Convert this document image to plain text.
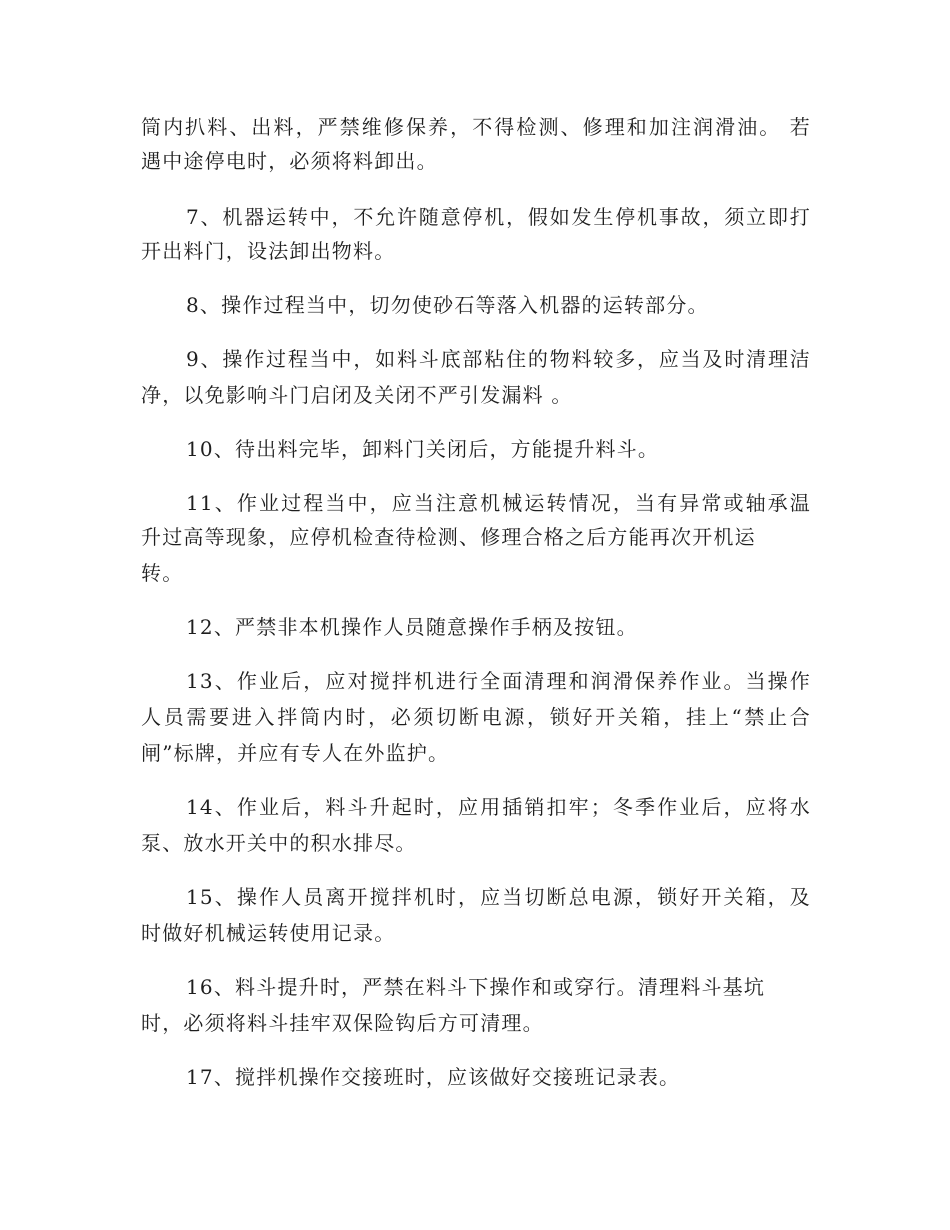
筒内扒料、出料，严禁维修保养，不得检测、修理和加注润滑油。 若
遇中途停电时，必须将料卸出。
7、机器运转中，不允许随意停机，假如发生停机事故，须立即打
开出料门，设法卸出物料。
8、操作过程当中，切勿使砂石等落入机器的运转部分。
9、操作过程当中，如料斗底部粘住的物料较多，应当及时清理洁
净，以免影响斗门启闭及关闭不严引发漏料 。
10、待出料完毕，卸料门关闭后，方能提升料斗。
11、作业过程当中，应当注意机械运转情况，当有异常或轴承温
升过高等现象，应停机检查待检测、修理合格之后方能再次开机运
转。
12、严禁非本机操作人员随意操作手柄及按钮。
13、作业后，应对搅拌机进行全面清理和润滑保养作业。当操作
人员需要进入拌筒内时，必须切断电源，锁好开关箱，挂上“禁止合
闸”标牌，并应有专人在外监护。
14、作业后，料斗升起时，应用插销扣牢；冬季作业后，应将水
泵、放水开关中的积水排尽。
15、操作人员离开搅拌机时，应当切断总电源，锁好开关箱，及
时做好机械运转使用记录。
16、料斗提升时，严禁在料斗下操作和或穿行。清理料斗基坑
时，必须将料斗挂牢双保险钩后方可清理。
17、搅拌机操作交接班时，应该做好交接班记录表。
